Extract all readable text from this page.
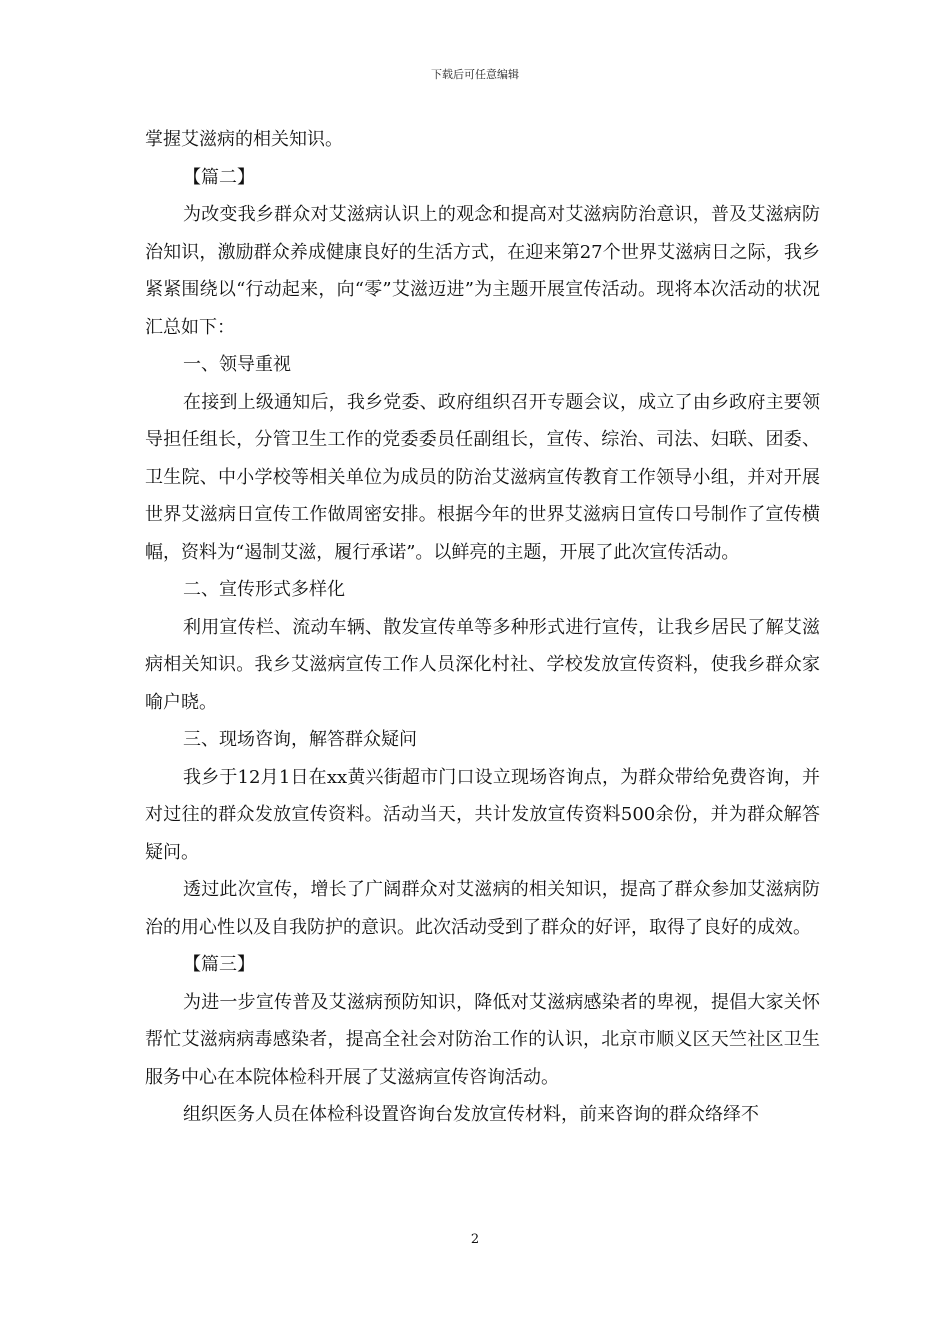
下载后可任意编辑

掌握艾滋病的相关知识。

【篇二】

为改变我乡群众对艾滋病认识上的观念和提高对艾滋病防治意识，普及艾滋病防治知识，激励群众养成健康良好的生活方式，在迎来第27个世界艾滋病日之际，我乡紧紧围绕以“行动起来，向“零”艾滋迈进”为主题开展宣传活动。现将本次活动的状况汇总如下：

一、领导重视

在接到上级通知后，我乡党委、政府组织召开专题会议，成立了由乡政府主要领导担任组长，分管卫生工作的党委委员任副组长，宣传、综治、司法、妇联、团委、卫生院、中小学校等相关单位为成员的防治艾滋病宣传教育工作领导小组，并对开展世界艾滋病日宣传工作做周密安排。根据今年的世界艾滋病日宣传口号制作了宣传横幅，资料为“遏制艾滋，履行承诺”。以鲜亮的主题，开展了此次宣传活动。

二、宣传形式多样化

利用宣传栏、流动车辆、散发宣传单等多种形式进行宣传，让我乡居民了解艾滋病相关知识。我乡艾滋病宣传工作人员深化村社、学校发放宣传资料，使我乡群众家喻户晓。

三、现场咨询，解答群众疑问

我乡于12月1日在xx黄兴街超市门口设立现场咨询点，为群众带给免费咨询，并对过往的群众发放宣传资料。活动当天，共计发放宣传资料500余份，并为群众解答疑问。

透过此次宣传，增长了广阔群众对艾滋病的相关知识，提高了群众参加艾滋病防治的用心性以及自我防护的意识。此次活动受到了群众的好评，取得了良好的成效。

【篇三】

为进一步宣传普及艾滋病预防知识，降低对艾滋病感染者的卑视，提倡大家关怀帮忙艾滋病病毒感染者，提高全社会对防治工作的认识，北京市顺义区天竺社区卫生服务中心在本院体检科开展了艾滋病宣传咨询活动。

组织医务人员在体检科设置咨询台发放宣传材料，前来咨询的群众络绎不

2
